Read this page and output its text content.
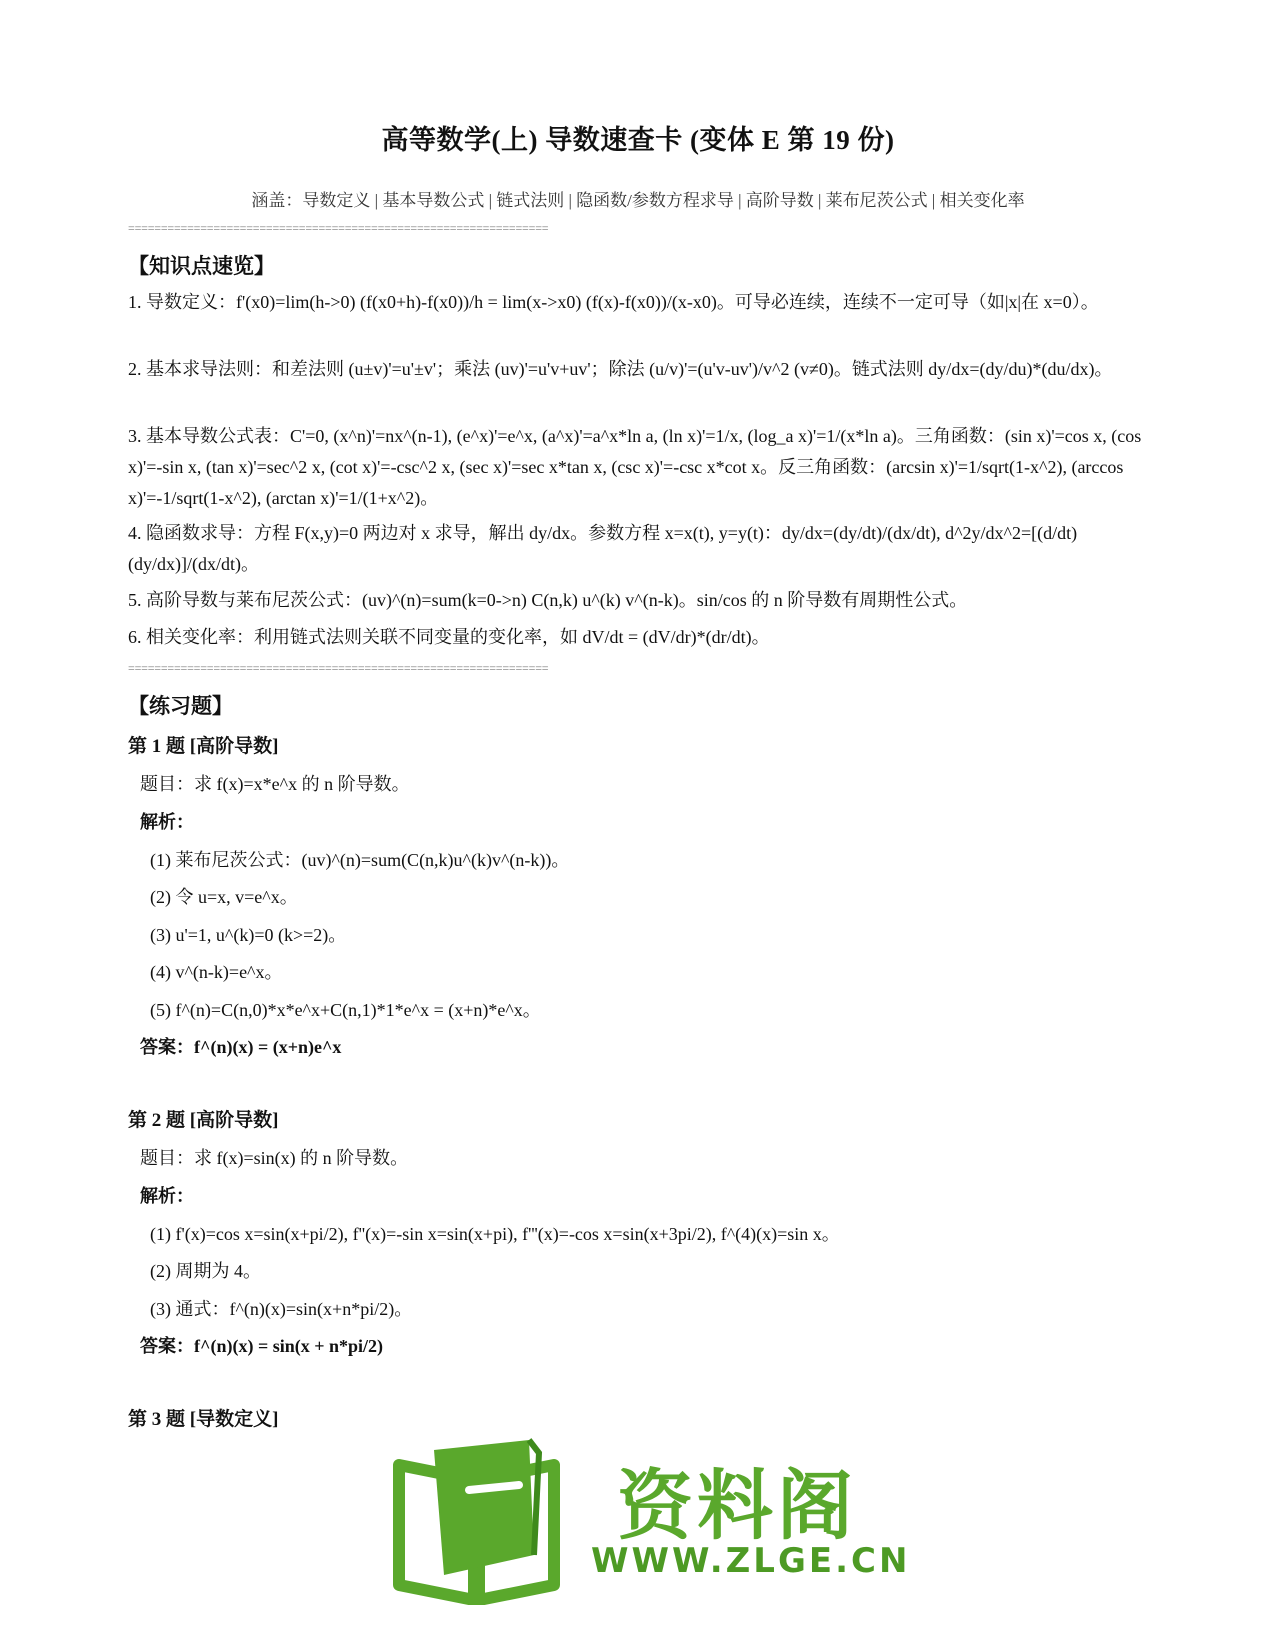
高等数学(上) 导数速查卡 (变体 E 第 19 份)
涵盖：导数定义 | 基本导数公式 | 链式法则 | 隐函数/参数方程求导 | 高阶导数 | 莱布尼茨公式 | 相关变化率
================================================================
【知识点速览】
1. 导数定义：f'(x0)=lim(h->0) (f(x0+h)-f(x0))/h = lim(x->x0) (f(x)-f(x0))/(x-x0)。可导必连续，连续不一定可导（如|x|在 x=0）。
2. 基本求导法则：和差法则 (u±v)'=u'±v'；乘法 (uv)'=u'v+uv'；除法 (u/v)'=(u'v-uv')/v^2 (v≠0)。链式法则 dy/dx=(dy/du)*(du/dx)。
3. 基本导数公式表：C'=0, (x^n)'=nx^(n-1), (e^x)'=e^x, (a^x)'=a^x*ln a, (ln x)'=1/x, (log_a x)'=1/(x*ln a)。三角函数：(sin x)'=cos x, (cos x)'=-sin x, (tan x)'=sec^2 x, (cot x)'=-csc^2 x, (sec x)'=sec x*tan x, (csc x)'=-csc x*cot x。反三角函数：(arcsin x)'=1/sqrt(1-x^2), (arccos x)'=-1/sqrt(1-x^2), (arctan x)'=1/(1+x^2)。
4. 隐函数求导：方程 F(x,y)=0 两边对 x 求导，解出 dy/dx。参数方程 x=x(t), y=y(t)：dy/dx=(dy/dt)/(dx/dt), d^2y/dx^2=[(d/dt)(dy/dx)]/(dx/dt)。
5. 高阶导数与莱布尼茨公式：(uv)^(n)=sum(k=0->n) C(n,k) u^(k) v^(n-k)。sin/cos 的 n 阶导数有周期性公式。
6. 相关变化率：利用链式法则关联不同变量的变化率，如 dV/dt = (dV/dr)*(dr/dt)。
================================================================
【练习题】
第 1 题 [高阶导数]
题目：求 f(x)=x*e^x 的 n 阶导数。
解析：
(1) 莱布尼茨公式：(uv)^(n)=sum(C(n,k)u^(k)v^(n-k))。
(2) 令 u=x, v=e^x。
(3) u'=1, u^(k)=0 (k>=2)。
(4) v^(n-k)=e^x。
(5) f^(n)=C(n,0)*x*e^x+C(n,1)*1*e^x = (x+n)*e^x。
答案：f^(n)(x) = (x+n)e^x
第 2 题 [高阶导数]
题目：求 f(x)=sin(x) 的 n 阶导数。
解析：
(1) f'(x)=cos x=sin(x+pi/2), f''(x)=-sin x=sin(x+pi), f'''(x)=-cos x=sin(x+3pi/2), f^(4)(x)=sin x。
(2) 周期为 4。
(3) 通式：f^(n)(x)=sin(x+n*pi/2)。
答案：f^(n)(x) = sin(x + n*pi/2)
第 3 题 [导数定义]
资料阁
WWW.ZLGE.CN
